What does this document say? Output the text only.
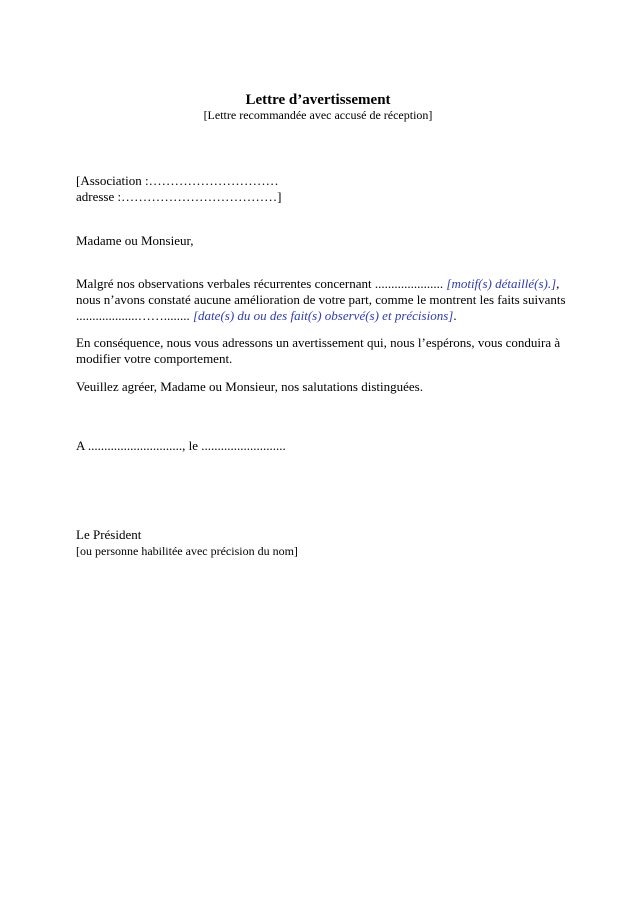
Lettre d’avertissement
[Lettre recommandée avec accusé de réception]
[Association :…………………………
adresse :………………………………]
Madame ou Monsieur,
Malgré nos observations verbales récurrentes concernant ..................... [motif(s) détaillé(s).],
nous n’avons constaté aucune amélioration de votre part, comme le montrent les faits suivants
...................……........ [date(s) du ou des fait(s) observé(s) et précisions].
En conséquence, nous vous adressons un avertissement qui, nous l’espérons, vous conduira à
modifier votre comportement.
Veuillez agréer, Madame ou Monsieur, nos salutations distinguées.
A ............................., le ..........................
Le Président
[ou personne habilitée avec précision du nom]
